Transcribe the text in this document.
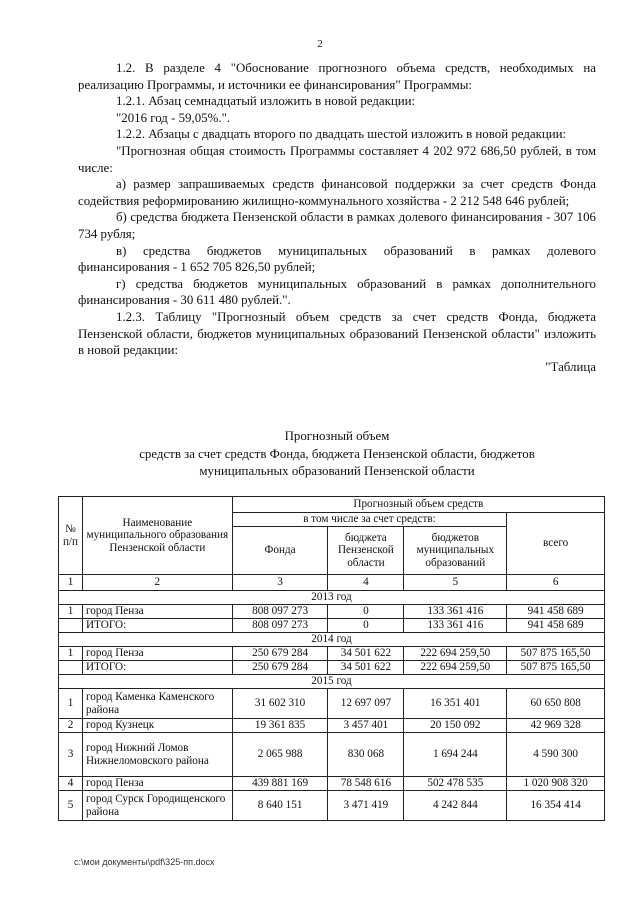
2

1.2. В разделе 4 "Обоснование прогнозного объема средств, необходимых на реализацию Программы, и источники ее финансирования" Программы:

1.2.1. Абзац семнадцатый изложить в новой редакции:

"2016 год - 59,05%.".

1.2.2. Абзацы с двадцать второго по двадцать шестой изложить в новой редакции:

"Прогнозная общая стоимость Программы составляет 4 202 972 686,50 рублей, в том числе:

а) размер запрашиваемых средств финансовой поддержки за счет средств Фонда содействия реформированию жилищно-коммунального хозяйства - 2 212 548 646 рублей;

б) средства бюджета Пензенской области в рамках долевого финансирования - 307 106 734 рубля;

в) средства бюджетов муниципальных образований в рамках долевого финансирования - 1 652 705 826,50 рублей;

г) средства бюджетов муниципальных образований в рамках дополнительного финансирования - 30 611 480 рублей.".

1.2.3. Таблицу "Прогнозный объем средств за счет средств Фонда, бюджета Пензенской области, бюджетов муниципальных образований Пензенской области" изложить в новой редакции:

"Таблица

Прогнозный объем
средств за счет средств Фонда, бюджета Пензенской области, бюджетов
муниципальных образований Пензенской области
№ п/п	Наименование муниципального образования Пензенской области	Прогнозный объем средств			
		в том числе за счет средств:			всего
		Фонда	бюджета Пензенской области	бюджетов муниципальных образований	
1	2	3	4	5	6
2013 год					
1	город Пенза	808 097 273	0	133 361 416	941 458 689
	ИТОГО:	808 097 273	0	133 361 416	941 458 689
2014 год					
1	город Пенза	250 679 284	34 501 622	222 694 259,50	507 875 165,50
	ИТОГО:	250 679 284	34 501 622	222 694 259,50	507 875 165,50
2015 год					
1	город Каменка Каменского района	31 602 310	12 697 097	16 351 401	60 650 808
2	город Кузнецк	19 361 835	3 457 401	20 150 092	42 969 328
3	город Нижний Ломов Нижнеломовского района	2 065 988	830 068	1 694 244	4 590 300
4	город Пенза	439 881 169	78 548 616	502 478 535	1 020 908 320
5	город Сурск Городищенского района	8 640 151	3 471 419	4 242 844	16 354 414
c:\мои документы\pdf\325-пп.docx
